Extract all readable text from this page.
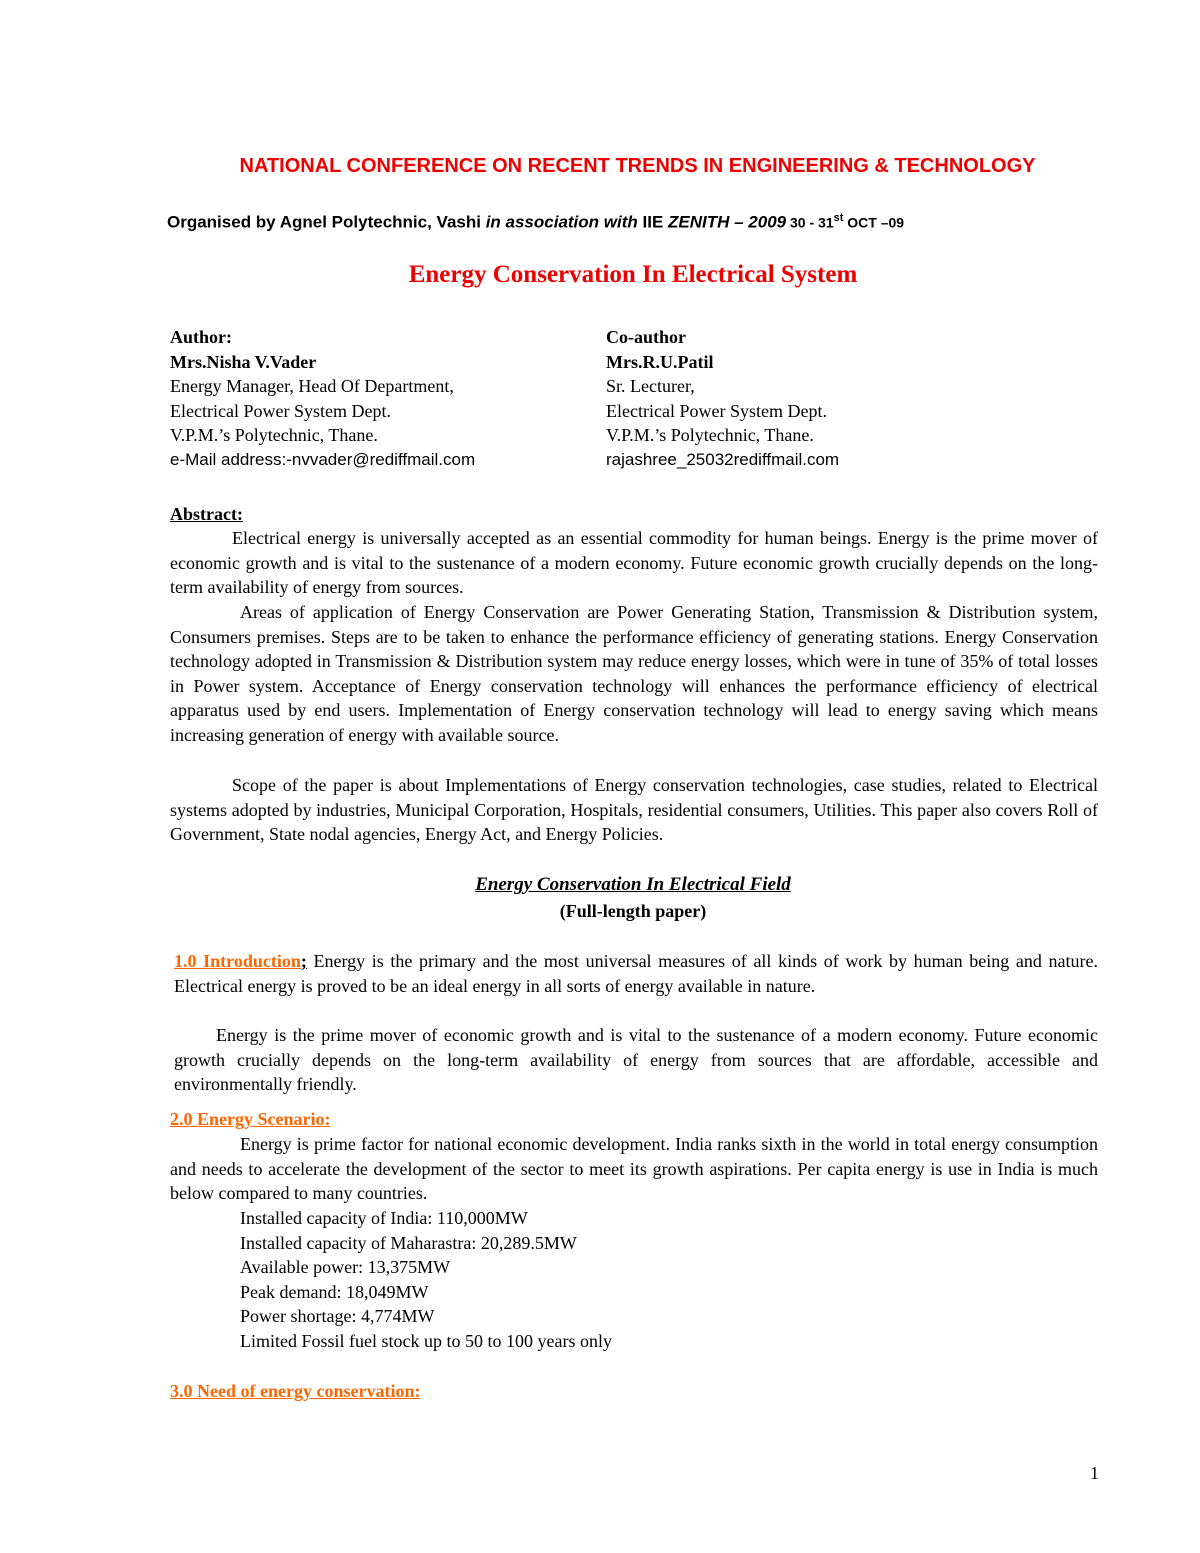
NATIONAL CONFERENCE ON RECENT TRENDS IN ENGINEERING & TECHNOLOGY
Organised by Agnel Polytechnic, Vashi in association with IIE ZENITH – 2009 30 - 31st OCT –09
Energy Conservation In Electrical System
Author:
Mrs.Nisha V.Vader
Energy Manager, Head Of Department,
Electrical Power System Dept.
V.P.M.’s Polytechnic, Thane.
e-Mail address:-nvvader@rediffmail.com
Co-author
Mrs.R.U.Patil
Sr. Lecturer,
Electrical Power System Dept.
V.P.M.’s Polytechnic, Thane.
rajashree_25032rediffmail.com
Abstract:

Electrical energy is universally accepted as an essential commodity for human beings. Energy is the prime mover of economic growth and is vital to the sustenance of a modern economy. Future economic growth crucially depends on the long-term availability of energy from sources.

Areas of application of Energy Conservation are Power Generating Station, Transmission & Distribution system, Consumers premises. Steps are to be taken to enhance the performance efficiency of generating stations. Energy Conservation technology adopted in Transmission & Distribution system may reduce energy losses, which were in tune of 35% of total losses in Power system. Acceptance of Energy conservation technology will enhances the performance efficiency of electrical apparatus used by end users. Implementation of Energy conservation technology will lead to energy saving which means increasing generation of energy with available source.

Scope of the paper is about Implementations of Energy conservation technologies, case studies, related to Electrical systems adopted by industries, Municipal Corporation, Hospitals, residential consumers, Utilities. This paper also covers Roll of Government, State nodal agencies, Energy Act, and Energy Policies.

Energy Conservation In Electrical Field
(Full-length paper)

1.0 Introduction; Energy is the primary and the most universal measures of all kinds of work by human being and nature. Electrical energy is proved to be an ideal energy in all sorts of energy available in nature.

Energy is the prime mover of economic growth and is vital to the sustenance of a modern economy. Future economic growth crucially depends on the long-term availability of energy from sources that are affordable, accessible and environmentally friendly.

2.0 Energy Scenario:

Energy is prime factor for national economic development. India ranks sixth in the world in total energy consumption and needs to accelerate the development of the sector to meet its growth aspirations. Per capita energy is use in India is much below compared to many countries.

Installed capacity of India: 110,000MW
Installed capacity of Maharastra: 20,289.5MW
Available power: 13,375MW
Peak demand: 18,049MW
Power shortage: 4,774MW
Limited Fossil fuel stock up to 50 to 100 years only
3.0 Need of energy conservation:
1
